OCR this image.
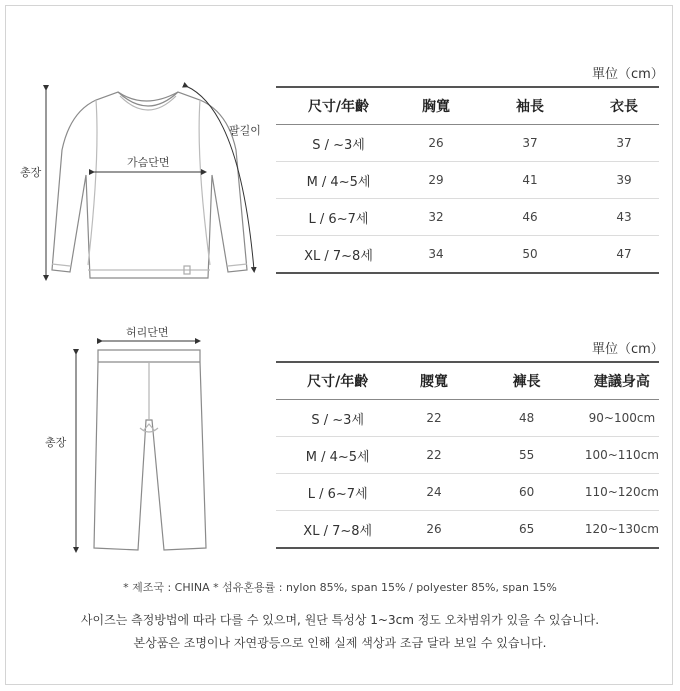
총장
가슴단면
팔길이
單位（cm）
尺寸/年齡	胸寬	袖長	衣長
S / ~3세	26	37	37
M / 4~5세	29	41	39
L / 6~7세	32	46	43
XL / 7~8세	34	50	47
허리단면
총장
單位（cm）
尺寸/年齡	腰寬	褲長	建議身高
S / ~3세	22	48	90~100cm
M / 4~5세	22	55	100~110cm
L / 6~7세	24	60	110~120cm
XL / 7~8세	26	65	120~130cm
* 제조국 : CHINA * 섬유혼용률 : nylon 85%, span 15% / polyester 85%, span 15%
사이즈는 측정방법에 따라 다를 수 있으며, 원단 특성상 1~3cm 정도 오차범위가 있을 수 있습니다.
본상품은 조명이나 자연광등으로 인해 실제 색상과 조금 달라 보일 수 있습니다.
